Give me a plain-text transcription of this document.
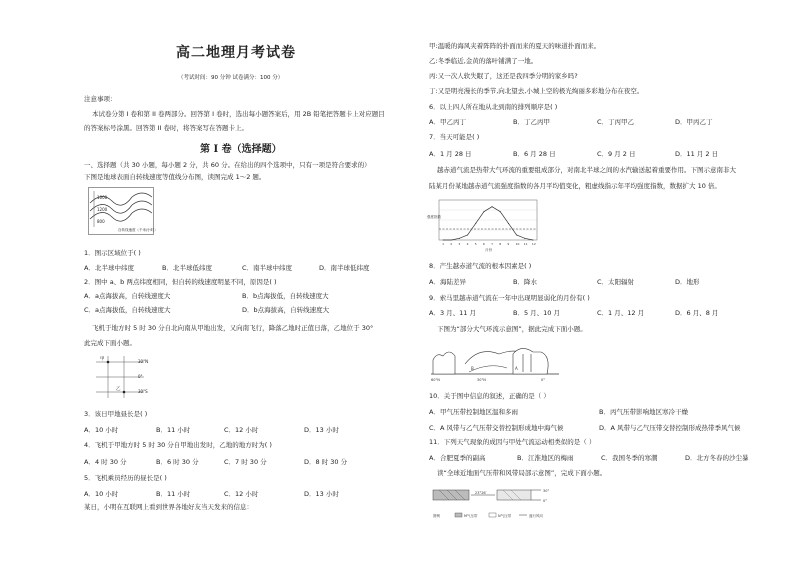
高二地理月考试卷
（考试时间：90 分钟 试卷满分：100 分）
注意事项：
本试卷分第 I 卷和第 II 卷两部分。回答第 I 卷时，选出每小题答案后，用 2B 铅笔把答题卡上对应题目
的答案标号涂黑。回答第 II 卷时，将答案写在答题卡上。
第 I 卷（选择题）
一、选择题（共 30 小题，每小题 2 分，共 60 分。在给出的四个选项中，只有一项是符合要求的）
下图是地球表面自转线速度等值线分布图，读图完成 1～2 题。
1600
1200
800
自转线速度（千米/小时）
1．图示区域位于( )
A．北半球中纬度	B．北半球低纬度	C．南半球中纬度	D．南半球低纬度
2．图中 a、b 两点纬度相同，但自转的线速度明显不同，原因是( )
A．a点海拔高，自转线速度大	B．b点海拔低，自转线速度大
C．a点海拔低，自转线速度大	D．b点海拔高，自转线速度大
飞机于地方时 5 时 30 分自北向南从甲地出发，又向南飞行，降落乙地时正值日落，乙地位于 30°
此完成下面小题。
30°N
0°
30°S
甲
乙
3．该日甲地昼长是( )
A．10 小时	B．11 小时	C．12 小时	D．13 小时
4．飞机于甲地方时 5 时 30 分自甲地出发时，乙地的地方时为( )
A．4 时 30 分	B．6 时 30 分	C．7 时 30 分	D．8 时 30 分
5．飞机乘员经历的昼长是( )
A．10 小时	B．11 小时	C．12 小时	D．13 小时
某日，小明在互联网上看到世界各地好友当天发来的信息：
甲:温暖的海风夹着阵阵的扑面而来的夏天的味道扑面而来。
乙:冬季临近,金黄的落叶铺满了一地。
丙:又一次人软失眠了，这还是我四季分明的家乡吗?
丁:又是明亮漫长的季节,向北望去,小城上空的极光绚丽多彩地分布在夜空。
6．以上四人所在地从北到南的排列顺序是( )
A．甲乙丙丁	B．丁乙丙甲	C．丁丙甲乙	D．甲丙乙丁
7．当天可能是( )
A．1 月 28 日	B．6 月 28 日	C．9 月 2 日	D．11 月 2 日
越赤道气流是热带大气环流的重要组成部分，对南北半球之间的水汽输送起着重要作用。下图示意南非大
陆某月份某地越赤道气流强度指数的各月平均值变化，粗虚线指示年平均强度指数，数据扩大 10 倍。
1 2 3 4 5 6 7 8 9 10 11 12
强度指数
月份
8．产生越赤道气流的根本因素是( )
A．海陆差异	B．降水	C．太阳辐射	D．地形
9．索马里越赤道气流在一年中出现明显弱化的月份有( )
A．3 月、11 月	B．5 月、10 月	C．1 月、12 月	D．6 月、8 月
下图为“部分大气环流示意图”，据此完成下面小题。
B	A
60°N	30°N	0°
10．关于图中信息的叙述，正确的是（ ）
A．甲气压带控制地区温和多雨	B．丙气压带影响地区寒冷干燥
C．A 风带与乙气压带交替控制形成地中海气候	D．A 风带与乙气压带交替控制形成热带季风气候
11．下列天气现象的成因与甲处气流运动相类似的是（ ）
A．合肥夏季的副高	B．江淮地区的梅雨	C．我国冬季的寒潮	D．北方冬春的沙尘暴
读“全球近地面气压带和风带局部示意图”，完成下面小题。
23°26′	30°
0°
图例	M气压带	N气压带	盛行风向
